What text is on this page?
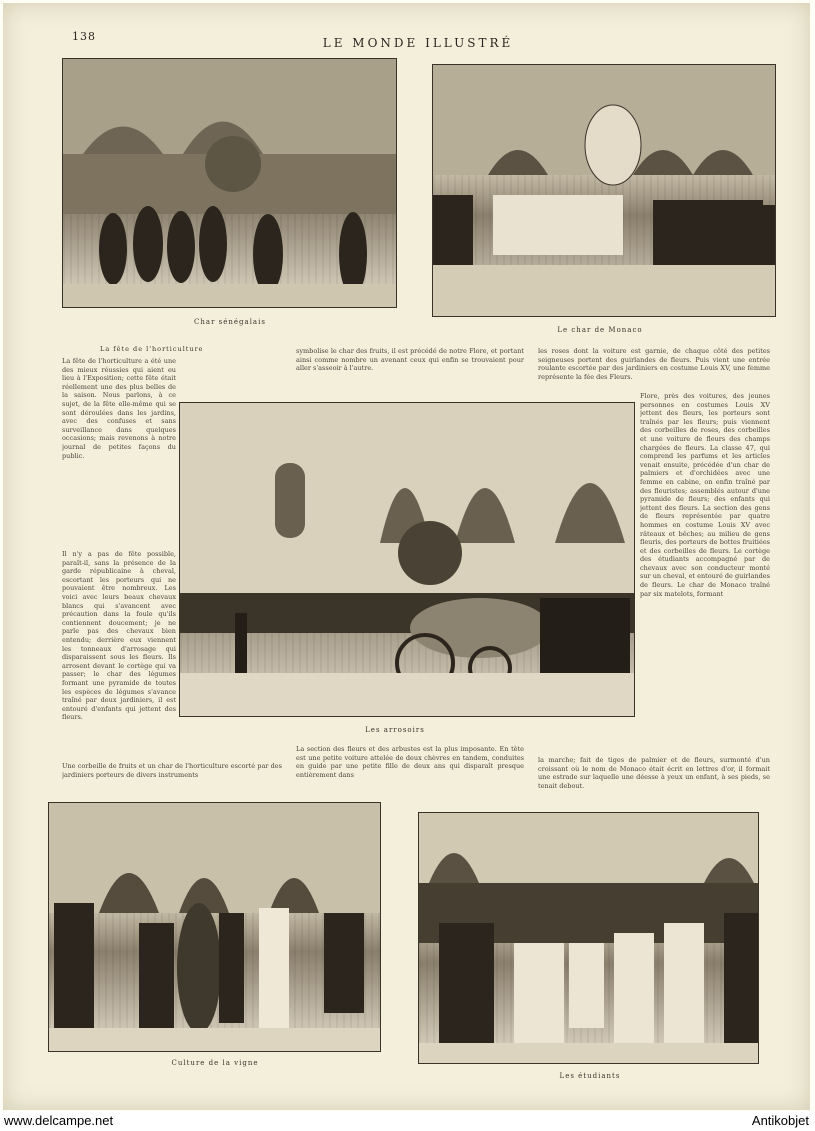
138	LE MONDE ILLUSTRÉ
Char sénégalais
Le char de Monaco
La fête de l'horticulture
La fête de l'horticulture a été une des mieux réussies qui aient eu lieu à l'Exposition; cette fête était réellement une des plus belles de la saison. Nous parlons, à ce sujet, de la fête elle-même qui se sont déroulées dans les jardins, avec des confuses et sans surveillance dans quelques occasions; mais revenons à notre journal de petites façons du public.
symbolise le char des fruits, il est précédé de notre Flore, et portant ainsi comme nombre un avenant ceux qui enfin se trouvaient pour aller s'asseoir à l'autre.
les roses dont la voiture est garnie, de chaque côté des petites seigneuses portent des guirlandes de fleurs. Puis vient une entrée roulante escortée par des jardiniers en costume Louis XV, une femme représente la fée des Fleurs.
Les arrosoirs
Il n'y a pas de fête possible, paraît-il, sans la présence de la garde républicaine à cheval, escortant les porteurs qui ne pouvaient être nombreux. Les voici avec leurs beaux chevaux blancs qui s'avancent avec précaution dans la foule qu'ils contiennent doucement; je ne parle pas des chevaux bien entendu; derrière eux viennent les tonneaux d'arrosage qui disparaissent sous les fleurs. Ils arrosent devant le cortège qui va passer; le char des légumes formant une pyramide de toutes les espèces de légumes s'avance traîné par deux jardiniers, il est entouré d'enfants qui jettent des fleurs.
Flore, près des voitures, des jeunes personnes en costumes Louis XV jettent des fleurs, les porteurs sont traînés par les fleurs; puis viennent des corbeilles de roses, des corbeilles et une voiture de fleurs des champs chargées de fleurs. La classe 47, qui comprend les parfums et les articles venait ensuite, précédée d'un char de palmiers et d'orchidées avec une femme en cabine, on enfin traîné par des fleuristes; assemblés autour d'une pyramide de fleurs; des enfants qui jettent des fleurs. La section des gens de fleurs représentée par quatre hommes en costume Louis XV avec râteaux et bêches; au milieu de gens fleuris, des porteurs de bottes fruitiées et des corbeilles de fleurs. Le cortège des étudiants accompagné par de chevaux avec son conducteur monté sur un cheval, et entouré de guirlandes de fleurs. Le char de Monaco traîné par six matelots, formant
Une corbeille de fruits et un char de l'horticulture escorté par des jardiniers porteurs de divers instruments
La section des fleurs et des arbustes est la plus imposante. En tête est une petite voiture attelée de deux chèvres en tandem, conduites en guide par une petite fille de deux ans qui disparaît presque entièrement dans
la marche; fait de tiges de palmier et de fleurs, surmonté d'un croissant où le nom de Monaco était écrit en lettres d'or, il formait une estrade sur laquelle une déesse à yeux un enfant, à ses pieds, se tenait debout.
Culture de la vigne
Les étudiants
www.delcampe.net	Antikobjet
